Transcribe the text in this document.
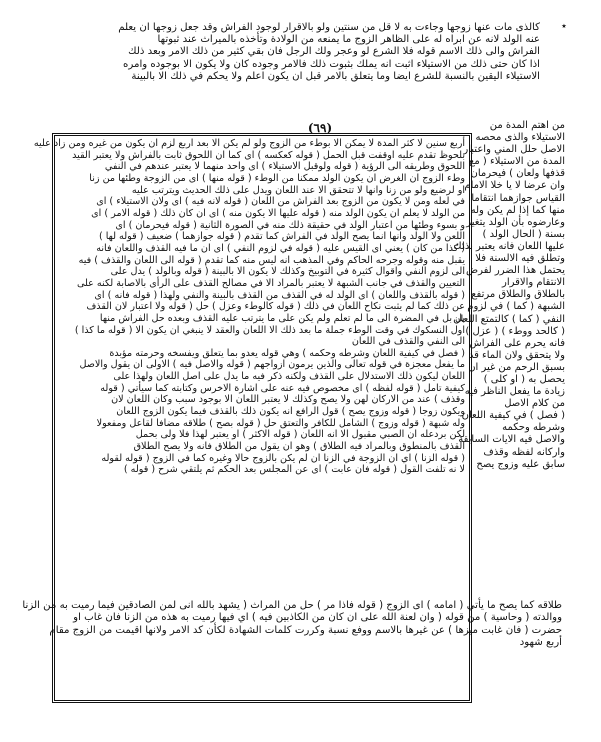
٭
كالذى مات عنها زوجها وجاءت به لا قل من سنتين ولو بالاقرار لوجود الفراش وقد جعل زوجها ان يعلم
عنه الولد لانه عن ابراه له على الظاهر الزوج ما يمنعه من الولادة وتأخذه بالميراث عند ثبوتها
الفراش والى ذلك الاسم قوله فلا الشرع لو وعجر ولك الرجل فان بقي كثير من ذلك الامر وبعد ذلك
اذا كان حتى ذلك من الاستيلاء اثبت انه يملك بثبوت ذلك فالامر وجوده كان ولا يكون الا بوجوده وامره
الاستيلاء اليقين بالنسبة للشرع ايضا وما يتعلق بالامر قبل ان يكون اعلم ولا يحكم في ذلك الا بالبينة
(٦٩)	من اهتم المدة من
الاستيلاء والذى محصه
الاصل حلل المني واعتبار
المدة من الاستيلاء ( مع
قذفها ولعان ) فيحرمان
وان عرضا لا يا خلا الامام
القياس جوازهما انتقاما
منها كما إذا لم يكن وله
وعارضوه بأن الولد يتغير
بسنة ( الحال الولد )
عليها اللعان فانه يعتبر بذلك
وتطلق فيه الالسنة فلا
يحتمل هذا الضرر لفرض
الانتقام والاقرار
بالطلاق والطلاق مرتفع
الشبهة ( كما ) في لزوم
النفي ( كما ) كالتمتع اللعان
( كالحد ووطء ) ( عزل )
فانه يحرم على الفراش
ولا يتحقق ولان الماء قد
بسبق الرحم من غير ان
يحصل به ( او كلى )
زيادة ما يفعل الناظر فيه
من كلام الاصل
( فصل ) في كيفية اللعان
وشرطه وحكمه
والاصل فيه الايات السابقة
واركانه لفظه وقذف
سابق عليه وزوج يصح
أربع سنين لا كثر المدة لا يمكن الا بوطء من الزوج ولو لم يكن الا بعد اربع لزم ان يكون من غيره ومن زاد عليه
بلحوظ تقدم عليه اوقفت قبل الحمل ( قوله كعكسه ) اى كما ان اللحوق ثابت بالفراش ولا يعتبر القيد
اللحوق وطريقه الى الرؤية ( قوله ولوقبل الاستيلاء ) اى واحد منهما لا يعتبر عندهم في النفي
وطء الزوج ان الغرض ان يكون الولد ممكنا من الوطء ( قوله منها ) اى من الزوجة وطئها من زنا
او لرضيع ولو من زنا وانها لا تتحقق الا عند اللعان ويدل على ذلك الحديث ويترتب عليه
في لعله ومن لا يكون من الزوج بعد الفراش من اللعان ( قوله لانه فيه ) اى ولان الاستيلاء ) اى
من الولد لا يعلم ان يكون الولد منه ( قوله عليها الا يكون منه ) اى ان كان ذلك ( قوله الامر ) اى
و بسوء وطئها من اعتبار الولد في حقيقة ذلك منه في الصورة الثانية ( قوله فيحرمان ) اى
اللعن ولا الولد وانها انما يصح الولد في الفراش كما تقدم ( قوله جوازهما ) ضعيف ( قوله لها )
( كذا من كان ) يعني اى القيس عليه ( قوله في لزوم النفي ) اى ان ما فيه القذف واللعان فانه
يقبل منه وقوله وجرحه الحاكم وفي المذهب انه ليس منه كما تقدم ( قوله الى اللعان والقذف ) فيه
الى لزوم النفي واقوال كثيرة في التوبيخ وكذلك لا يكون الا بالبينة ( قوله وبالولد ) يدل على
التعيين والقذف في جانب الشبهة لا يعتبر بالمراد الا في مصالح القذف على الرأى بالاصابة لكنه على
( قوله بالقذف واللعان ) اى الولد له في القذف من القذف بالبينة والنفي ولهذا ( قوله فانه ) اى
عن ذلك كما لم يثبت نكاح اللعان في ذلك ( قوله كالوطء وعزل ) حل ( قوله ولا اعتبار لان القذف
بل بل في المضرة الى ما لم تعلم ولم يكن على ما يترتب عليه القذف وبعده حل الفراش منها
اول النسكوك في وقت الوطء جملة ما بعد ذلك الا اللعان والعقد لا ينبغي ان يكون الا ( قوله ما كذا )
الى النفي والقذف في اللعان
( فصل في كيفية اللعان وشرطه وحكمه ) وهي قوله يعدو بما يتعلق ويفسخه وحرمته مؤبدة
ما يفعل معجزة في قوله تعالى والذين يرمون ازواجهم ( قوله والاصل فيه ) الاولى ان يقول والاصل
اللعان ليكون ذلك الاستدلال على القذف ولكنه ذكر فيه ما يدل على اصل اللعان ولهذا على
كيفية تامل ( قوله لفظه ) اى مخصوص فيه عنه على اشارة الاخرس وكتابته كما سيأتي ( قوله
وقذف ) عند من الاركان لهن ولا يصح وكذلك لا يعتبر اللعان الا بوجود سبب وكان اللعان لان
ويكون زوجا ( قوله وزوج يصح ) قول الرافع انه يكون ذلك بالقذف فيما يكون الزوج اللعان
وله شبهة ( قوله وزوج ) الشامل للكافر والتعتق حل ( قوله بصح ) طلاقه مضافا لقاعل ومفعولا
لكن بردعله ان الصبي مقبول الا انه اللعان ( قوله الاكثر ) او يعتبر لهذا فلا ولى بحمل
القذف بالمنطوق وبالمراد فيه الطلاق ) وهو ان يقول من الطلاق فانه ولا يصح الطلاق
( قوله الزنا ) اي ان الزوجة في الزنا ان لم يكن بالزوج حالا وغيره كما في الزوج ( قوله لقوله
لا نه تلفت القول ( قوله فان عابت ) اى عن المجلس بعد الحكم ثم يلتقي شرح ( قوله )
طلاقه كما يصح ما يأتي ( امامه ) اى الزوج ( قوله فاذا مر ) حل من المراث ( يشهد بالله انى لمن الصادقين فيما رميت به من الزنا
ووالدته ( وحاسية ) من قوله ( وان لعنة الله على ان كان من الكاذبين فيه ) اي فيها رميت به هذه من الزنا فان غاب او
حضرت ( فان غابت ميزها ) عن غيرها بالاسم ووفع نسبة وكررت كلمات الشهادة لكأن كد الامر ولانها اقيمت من الزوج مقام
أربع شهود
